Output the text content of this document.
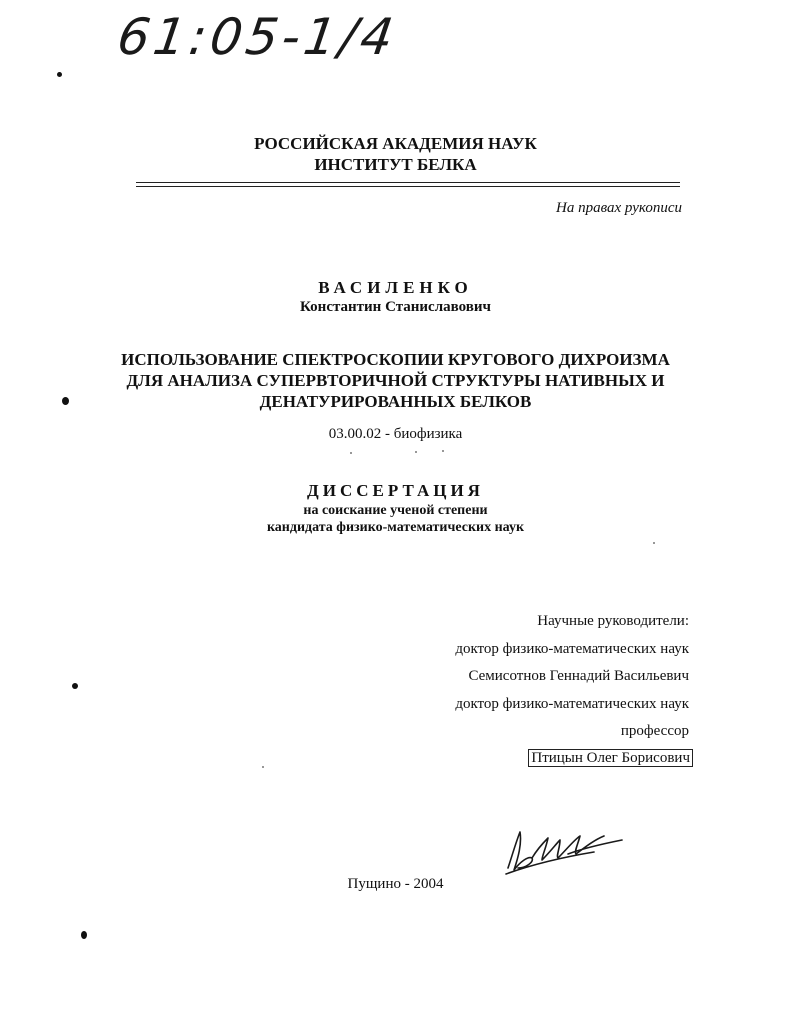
61:05-1/4
РОССИЙСКАЯ АКАДЕМИЯ НАУК
ИНСТИТУТ БЕЛКА
На правах рукописи
ВАСИЛЕНКО
Константин Станиславович
ИСПОЛЬЗОВАНИЕ СПЕКТРОСКОПИИ КРУГОВОГО ДИХРОИЗМА
ДЛЯ АНАЛИЗА СУПЕРВТОРИЧНОЙ СТРУКТУРЫ НАТИВНЫХ И
ДЕНАТУРИРОВАННЫХ БЕЛКОВ
03.00.02 - биофизика
ДИССЕРТАЦИЯ
на соискание ученой степени
кандидата физико-математических наук
Научные руководители:
доктор физико-математических наук
Семисотнов Геннадий Васильевич
доктор физико-математических наук
профессор
Птицын Олег Борисович
Пущино - 2004
